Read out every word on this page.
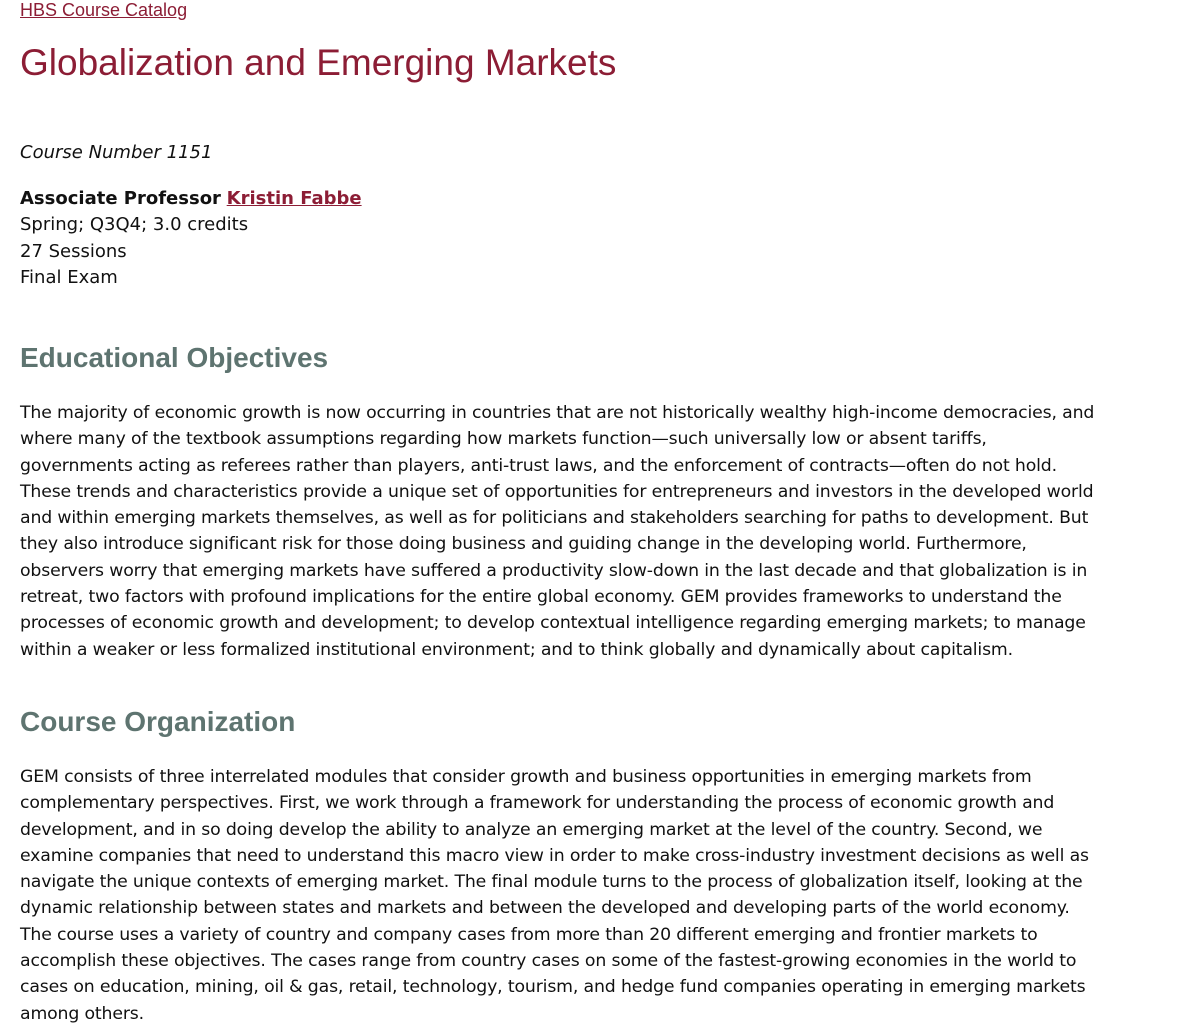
HBS Course Catalog
Globalization and Emerging Markets
Course Number 1151
Associate Professor Kristin Fabbe
Spring; Q3Q4; 3.0 credits
27 Sessions
Final Exam
Educational Objectives

The majority of economic growth is now occurring in countries that are not historically wealthy high-income democracies, and where many of the textbook assumptions regarding how markets function—such universally low or absent tariffs, governments acting as referees rather than players, anti-trust laws, and the enforcement of contracts—often do not hold. These trends and characteristics provide a unique set of opportunities for entrepreneurs and investors in the developed world and within emerging markets themselves, as well as for politicians and stakeholders searching for paths to development. But they also introduce significant risk for those doing business and guiding change in the developing world. Furthermore, observers worry that emerging markets have suffered a productivity slow-down in the last decade and that globalization is in retreat, two factors with profound implications for the entire global economy. GEM provides frameworks to understand the processes of economic growth and development; to develop contextual intelligence regarding emerging markets; to manage within a weaker or less formalized institutional environment; and to think globally and dynamically about capitalism.

Course Organization

GEM consists of three interrelated modules that consider growth and business opportunities in emerging markets from complementary perspectives. First, we work through a framework for understanding the process of economic growth and development, and in so doing develop the ability to analyze an emerging market at the level of the country. Second, we examine companies that need to understand this macro view in order to make cross-industry investment decisions as well as navigate the unique contexts of emerging market. The final module turns to the process of globalization itself, looking at the dynamic relationship between states and markets and between the developed and developing parts of the world economy. The course uses a variety of country and company cases from more than 20 different emerging and frontier markets to accomplish these objectives. The cases range from country cases on some of the fastest-growing economies in the world to cases on education, mining, oil & gas, retail, technology, tourism, and hedge fund companies operating in emerging markets among others.
